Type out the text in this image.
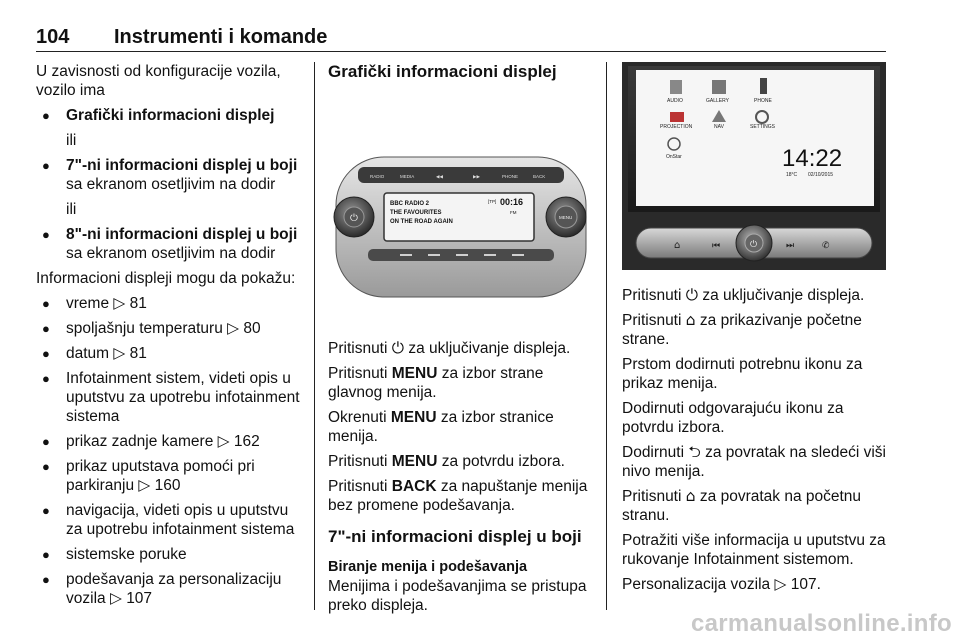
104 Instrumenti i komande

U zavisnosti od konfiguracije vozila, vozilo ima

● Grafički informacioni displej
ili
● 7"-ni informacioni displej u boji sa ekranom osetljivim na dodir
ili
● 8"-ni informacioni displej u boji sa ekranom osetljivim na dodir

Informacioni displeji mogu da pokažu:

● vreme ▷ 81
● spoljašnju temperaturu ▷ 80
● datum ▷ 81
● Infotainment sistem, videti opis u uputstvu za upotrebu infotainment sistema
● prikaz zadnje kamere ▷ 162
● prikaz uputstava pomoći pri parkiranju ▷ 160
● navigacija, videti opis u uputstvu za upotrebu infotainment sistema
● sistemske poruke
● podešavanja za personalizaciju vozila ▷ 107
Grafički informacioni displej
RADIO	MEDIA	◀◀	▶▶	PHONE	BACK
⏻	MENU
BBC RADIO 2
THE FAVOURITES
ON THE ROAD AGAIN
[TP] 00:16
FM

Pritisnuti ⏻ za uključivanje displeja.

Pritisnuti MENU za izbor strane glavnog menija.

Okrenuti MENU za izbor stranice menija.

Pritisnuti MENU za potvrdu izbora.

Pritisnuti BACK za napuštanje menija bez promene podešavanja.

7"-ni informacioni displej u boji
Biranje menija i podešavanja

Menijima i podešavanjima se pristupa preko displeja.

AUDIO	GALLERY	PHONE
PROJECTION	NAV	SETTINGS
OnStar	14:22
18°C 02/10/2015
⌂	⏮	⏻	⏭	✆

Pritisnuti ⏻ za uključivanje displeja.

Pritisnuti ⌂ za prikazivanje početne strane.

Prstom dodirnuti potrebnu ikonu za prikaz menija.

Dodirnuti odgovarajuću ikonu za potvrdu izbora.

Dodirnuti ⮌ za povratak na sledeći viši nivo menija.

Pritisnuti ⌂ za povratak na početnu stranu.

Potražiti više informacija u uputstvu za rukovanje Infotainment sistemom.

Personalizacija vozila ▷ 107.

carmanualsonline.info
